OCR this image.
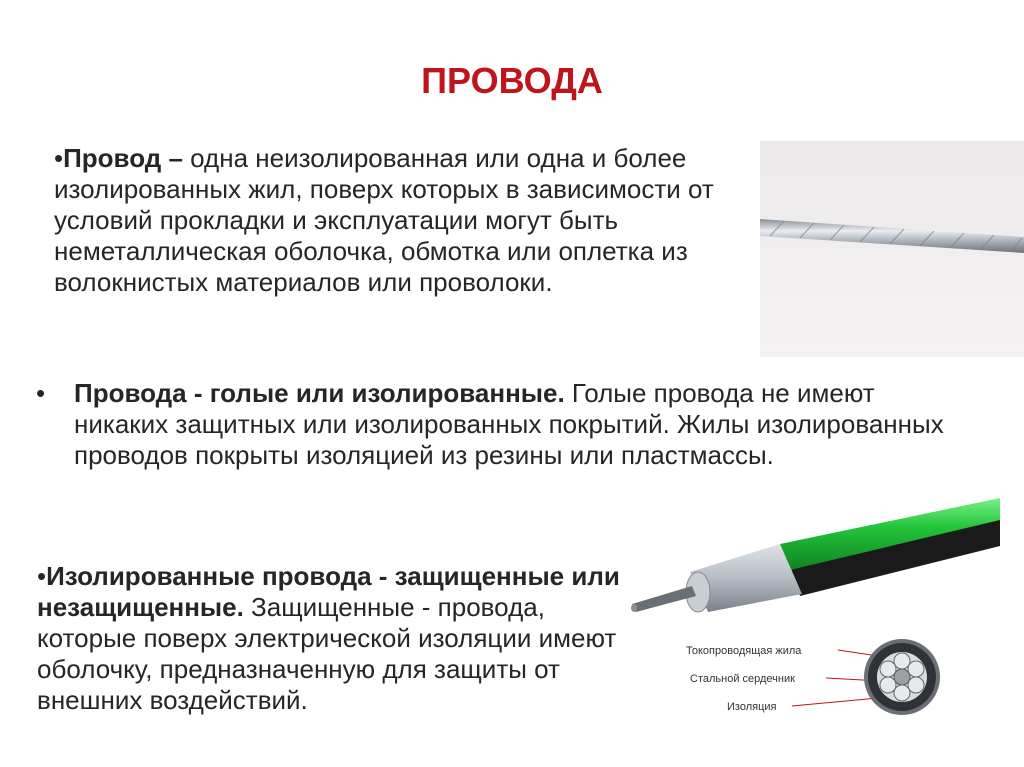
ПРОВОДА
•Провод – одна неизолированная или одна и более изолированных жил, поверх которых в зависимости от условий прокладки и эксплуатации могут быть неметаллическая оболочка, обмотка или оплетка из волокнистых материалов или проволоки.
• Провода - голые или изолированные. Голые провода не имеют никаких защитных или изолированных покрытий. Жилы изолированных проводов покрыты изоляцией из резины или пластмассы.
•Изолированные провода - защищенные или незащищенные. Защищенные - провода, которые поверх электрической изоляции имеют оболочку, предназначенную для защиты от внешних воздействий.
Токопроводящая жила
Стальной сердечник
Изоляция
